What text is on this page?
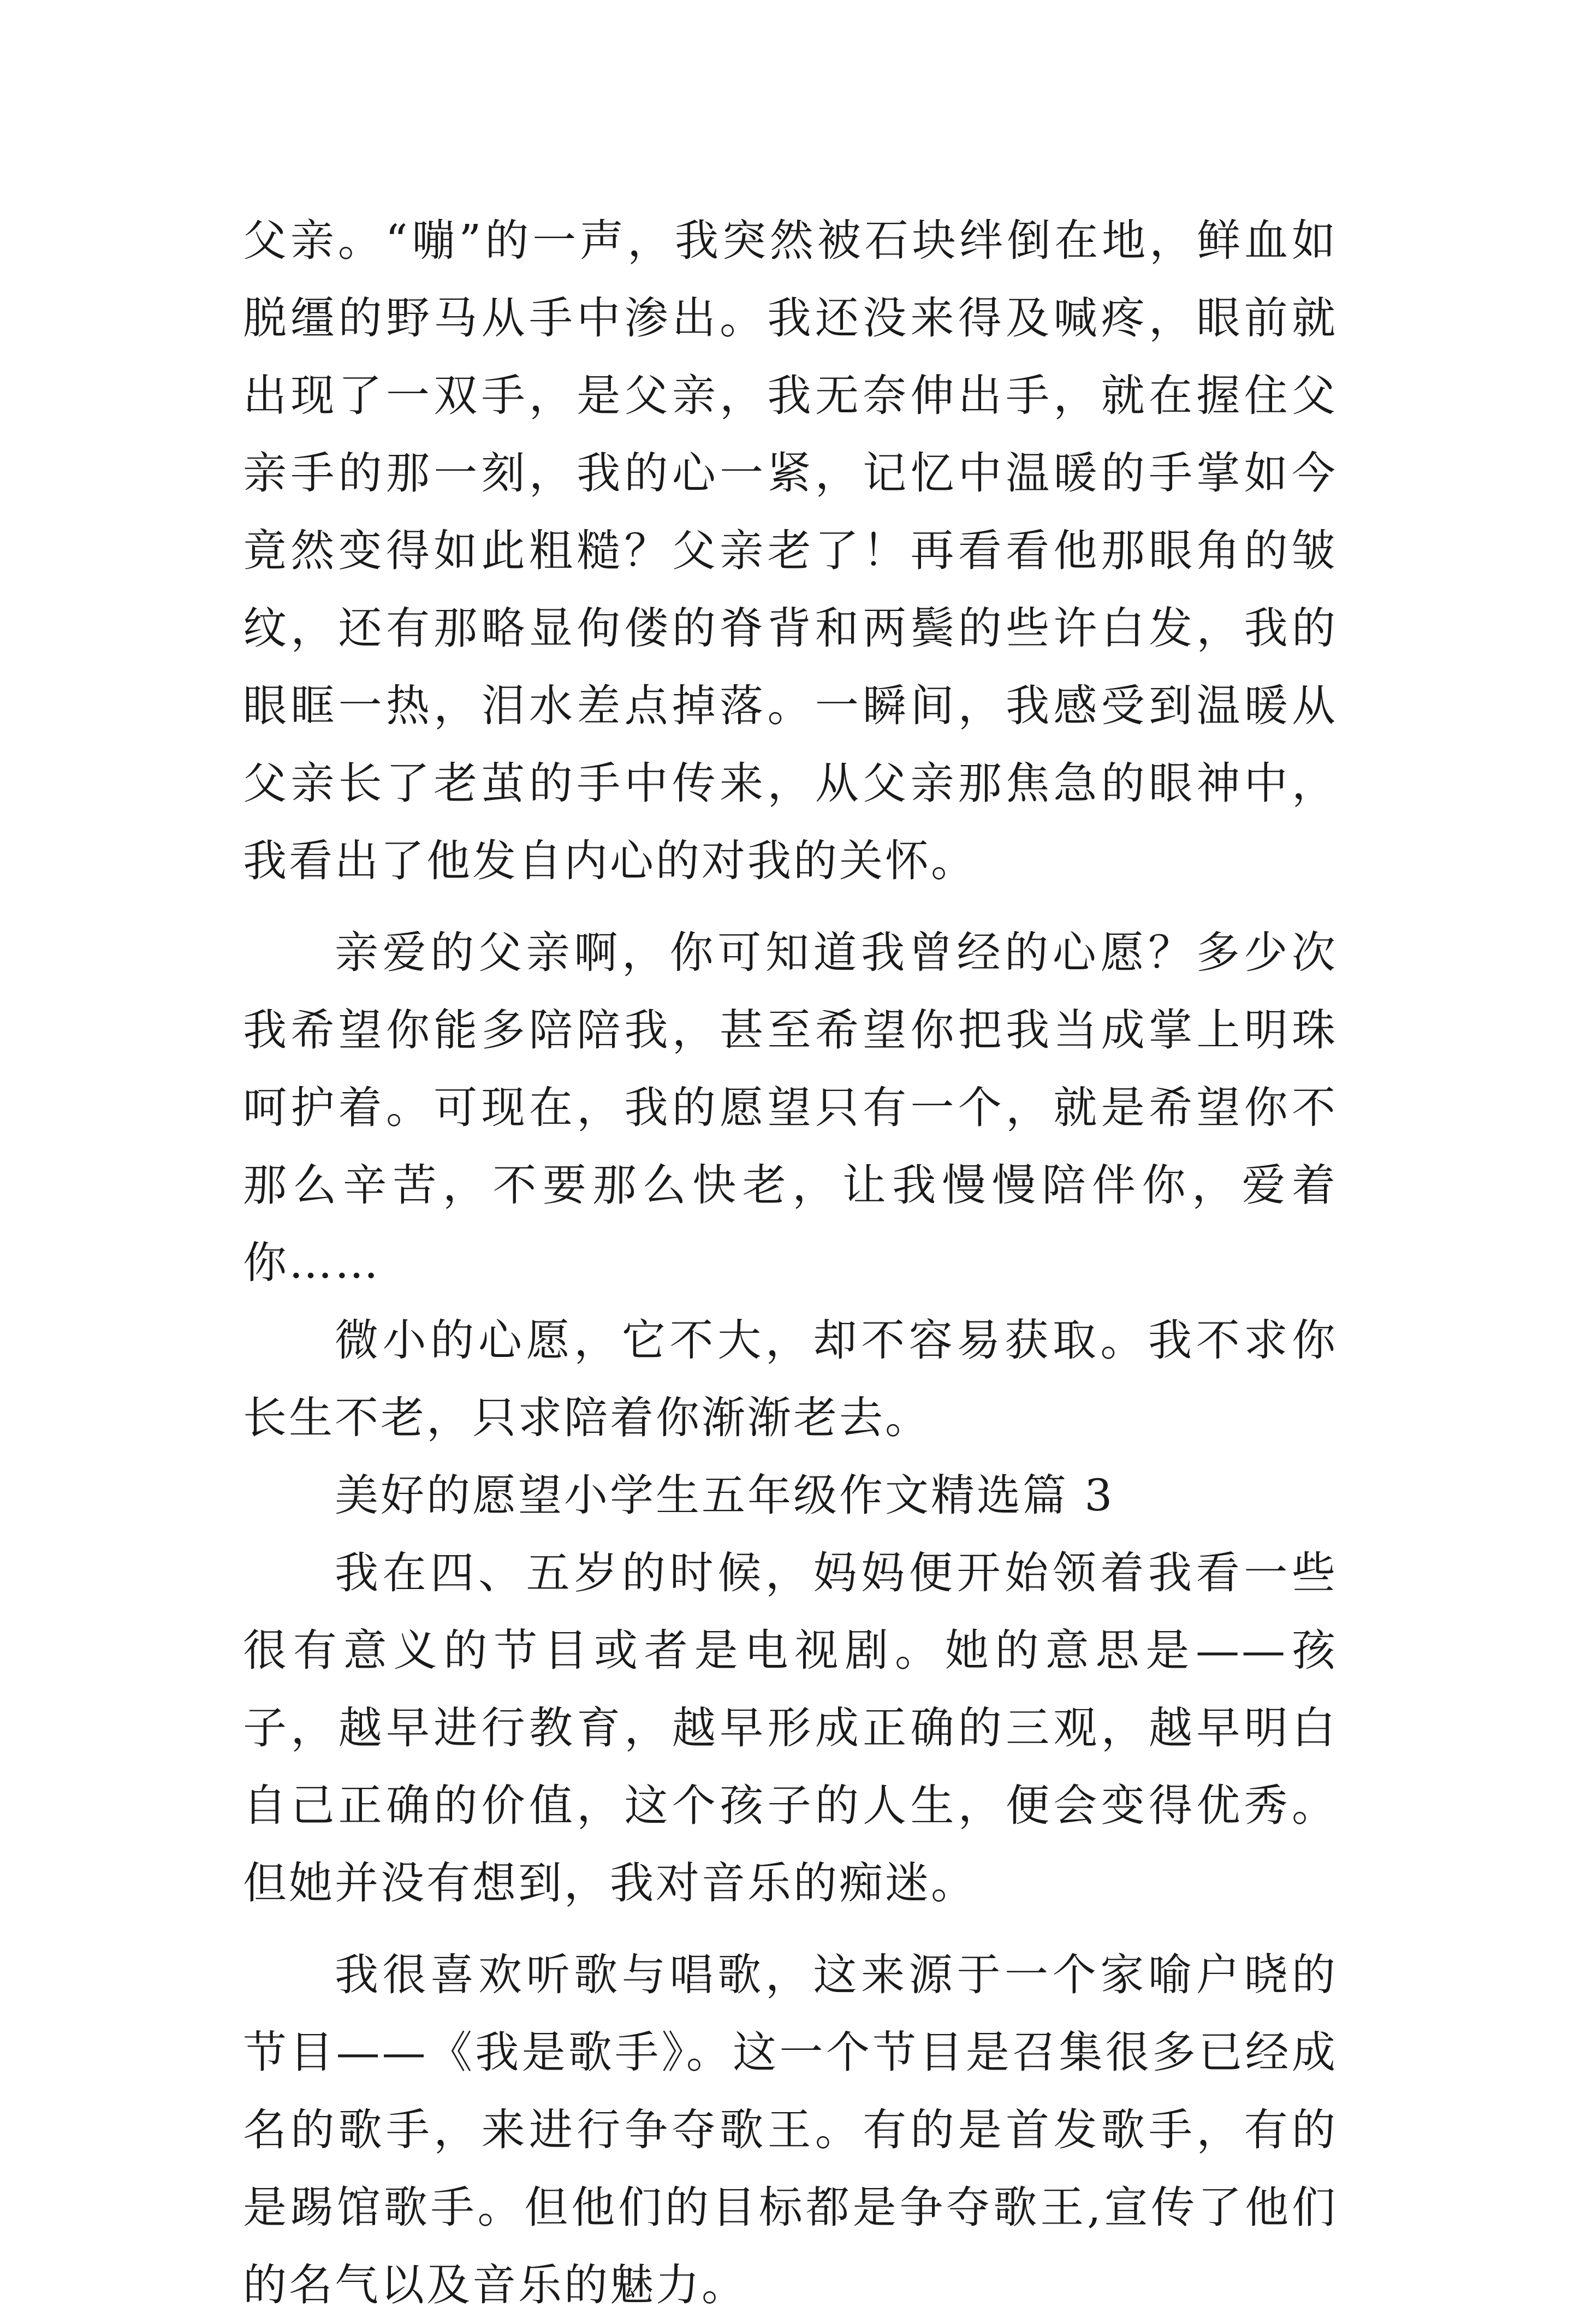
父亲。“嘣”的一声，我突然被石块绊倒在地，鲜血如脱缰的野马从手中渗出。我还没来得及喊疼，眼前就出现了一双手，是父亲，我无奈伸出手，就在握住父亲手的那一刻，我的心一紧，记忆中温暖的手掌如今竟然变得如此粗糙？父亲老了！再看看他那眼角的皱纹，还有那略显佝偻的脊背和两鬓的些许白发，我的眼眶一热，泪水差点掉落。一瞬间，我感受到温暖从父亲长了老茧的手中传来，从父亲那焦急的眼神中，我看出了他发自内心的对我的关怀。

亲爱的父亲啊，你可知道我曾经的心愿？多少次我希望你能多陪陪我，甚至希望你把我当成掌上明珠呵护着。可现在，我的愿望只有一个，就是希望你不那么辛苦，不要那么快老，让我慢慢陪伴你，爱着你……

微小的心愿，它不大，却不容易获取。我不求你长生不老，只求陪着你渐渐老去。

美好的愿望小学生五年级作文精选篇 3

我在四、五岁的时候，妈妈便开始领着我看一些很有意义的节目或者是电视剧。她的意思是——孩子，越早进行教育，越早形成正确的三观，越早明白自己正确的价值，这个孩子的人生，便会变得优秀。但她并没有想到，我对音乐的痴迷。

我很喜欢听歌与唱歌，这来源于一个家喻户晓的节目——《我是歌手》。这一个节目是召集很多已经成名的歌手，来进行争夺歌王。有的是首发歌手，有的是踢馆歌手。但他们的目标都是争夺歌王,宣传了他们的名气以及音乐的魅力。
